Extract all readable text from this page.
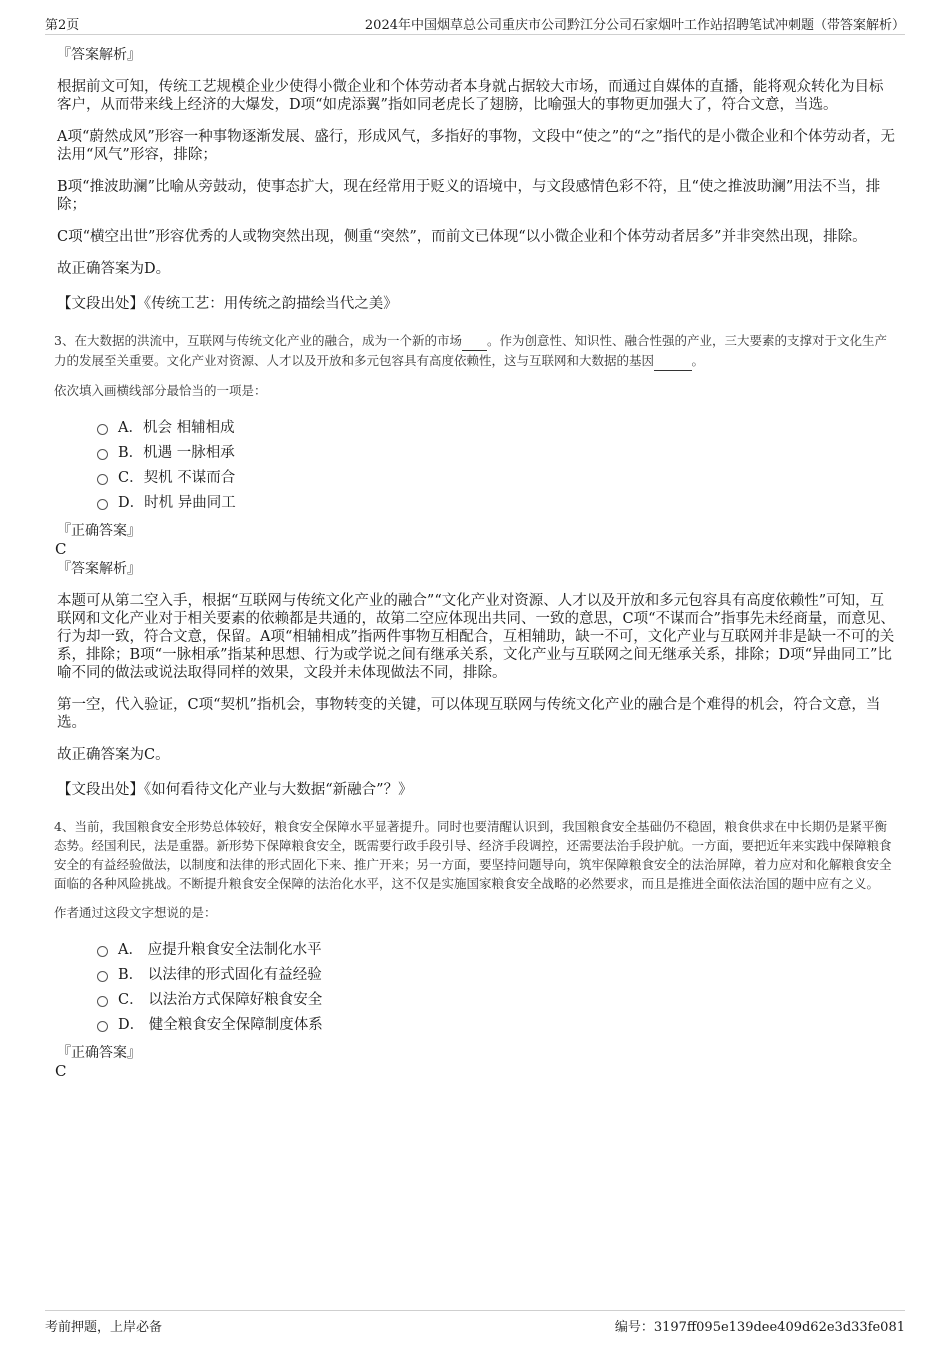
第2页	2024年中国烟草总公司重庆市公司黔江分公司石家烟叶工作站招聘笔试冲刺题（带答案解析）

『答案解析』

根据前文可知，传统工艺规模企业少使得小微企业和个体劳动者本身就占据较大市场，而通过自媒体的直播，能将观众转化为目标客户，从而带来线上经济的大爆发，D项“如虎添翼”指如同老虎长了翅膀，比喻强大的事物更加强大了，符合文意，当选。

A项“蔚然成风”形容一种事物逐渐发展、盛行，形成风气，多指好的事物，文段中“使之”的“之”指代的是小微企业和个体劳动者，无法用“风气”形容，排除；

B项“推波助澜”比喻从旁鼓动，使事态扩大，现在经常用于贬义的语境中，与文段感情色彩不符，且“使之推波助澜”用法不当，排除；

C项“横空出世”形容优秀的人或物突然出现，侧重“突然”，而前文已体现“以小微企业和个体劳动者居多”并非突然出现，排除。

故正确答案为D。

【文段出处】《传统工艺：用传统之韵描绘当代之美》

3、在大数据的洪流中，互联网与传统文化产业的融合，成为一个新的市场 。作为创意性、知识性、融合性强的产业，三大要素的支撑对于文化生产力的发展至关重要。文化产业对资源、人才以及开放和多元包容具有高度依赖性，这与互联网和大数据的基因	。

依次填入画横线部分最恰当的一项是：

A．机会 相辅相成
B．机遇 一脉相承
C．契机 不谋而合
D．时机 异曲同工

『正确答案』

C

『答案解析』

本题可从第二空入手，根据“互联网与传统文化产业的融合”“文化产业对资源、人才以及开放和多元包容具有高度依赖性”可知，互联网和文化产业对于相关要素的依赖都是共通的，故第二空应体现出共同、一致的意思，C项“不谋而合”指事先未经商量，而意见、行为却一致，符合文意，保留。A项“相辅相成”指两件事物互相配合，互相辅助，缺一不可，文化产业与互联网并非是缺一不可的关系，排除；B项“一脉相承”指某种思想、行为或学说之间有继承关系，文化产业与互联网之间无继承关系，排除；D项“异曲同工”比喻不同的做法或说法取得同样的效果，文段并未体现做法不同，排除。

第一空，代入验证，C项“契机”指机会，事物转变的关键，可以体现互联网与传统文化产业的融合是个难得的机会，符合文意，当选。

故正确答案为C。

【文段出处】《如何看待文化产业与大数据“新融合”？》

4、当前，我国粮食安全形势总体较好，粮食安全保障水平显著提升。同时也要清醒认识到，我国粮食安全基础仍不稳固，粮食供求在中长期仍是紧平衡态势。经国利民，法是重器。新形势下保障粮食安全，既需要行政手段引导、经济手段调控，还需要法治手段护航。一方面，要把近年来实践中保障粮食安全的有益经验做法，以制度和法律的形式固化下来、推广开来；另一方面，要坚持问题导向，筑牢保障粮食安全的法治屏障，着力应对和化解粮食安全面临的各种风险挑战。不断提升粮食安全保障的法治化水平，这不仅是实施国家粮食安全战略的必然要求，而且是推进全面依法治国的题中应有之义。

作者通过这段文字想说的是：

A． 应提升粮食安全法制化水平
B． 以法律的形式固化有益经验
C． 以法治方式保障好粮食安全
D． 健全粮食安全保障制度体系

『正确答案』

C

考前押题，上岸必备	编号：3197ff095e139dee409d62e3d33fe081
